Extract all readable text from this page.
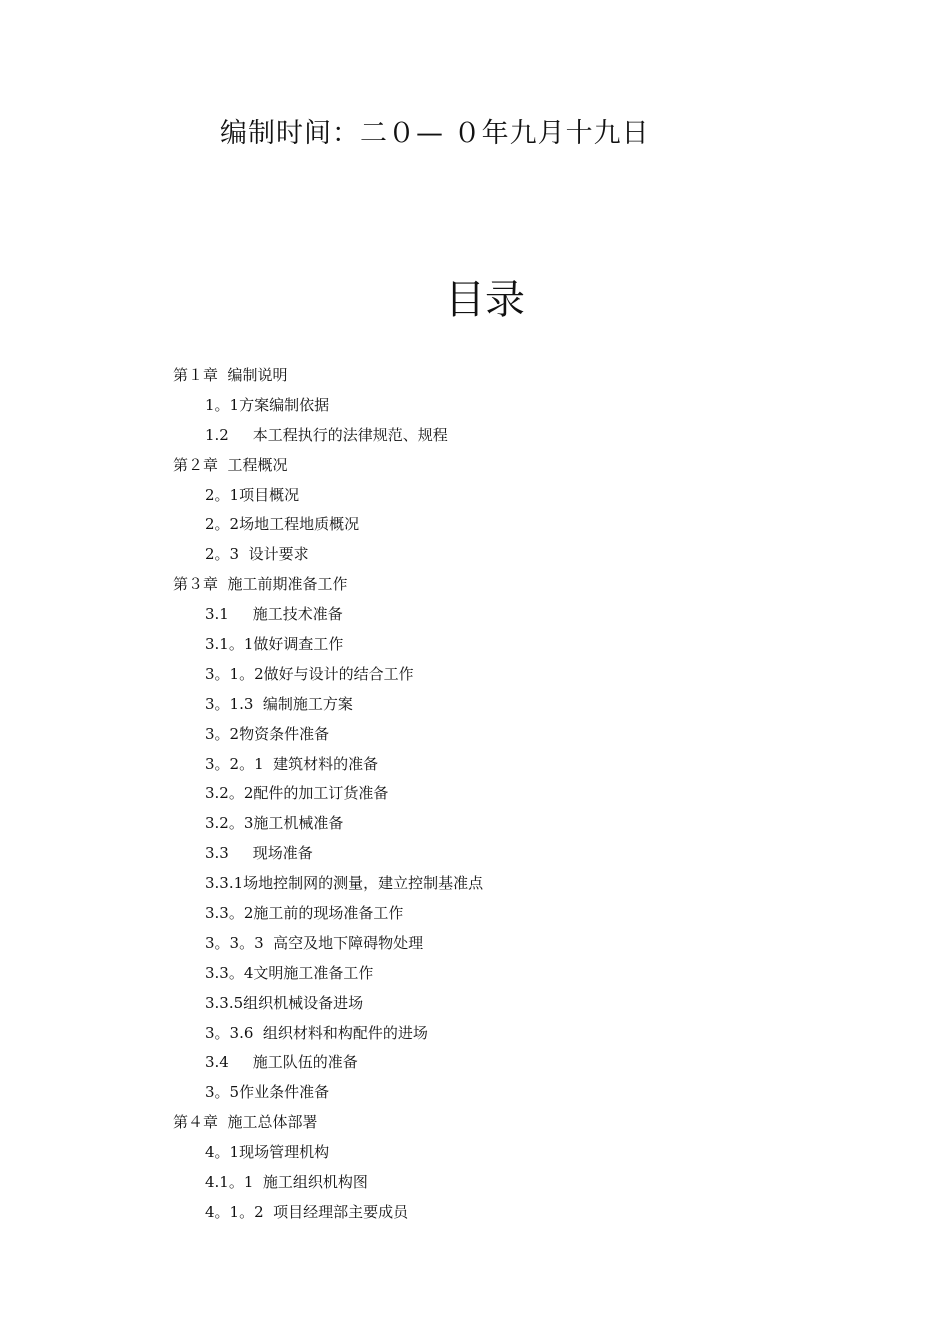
编制时间：二０— ０年九月十九日
目录
第１章  编制说明
1。1方案编制依据
1.2     本工程执行的法律规范、规程
第２章  工程概况
2。1项目概况
2。2场地工程地质概况
2。3  设计要求
第３章  施工前期准备工作
3.1     施工技术准备
3.1。1做好调查工作
3。1。2做好与设计的结合工作
3。1.3  编制施工方案
3。2物资条件准备
3。2。1  建筑材料的准备
3.2。2配件的加工订货准备
3.2。3施工机械准备
3.3     现场准备
3.3.1场地控制网的测量，建立控制基准点
3.3。2施工前的现场准备工作
3。3。3  高空及地下障碍物处理
3.3。4文明施工准备工作
3.3.5组织机械设备进场
3。3.6  组织材料和构配件的进场
3.4     施工队伍的准备
3。5作业条件准备
第４章  施工总体部署
4。1现场管理机构
4.1。1  施工组织机构图
4。1。2  项目经理部主要成员
